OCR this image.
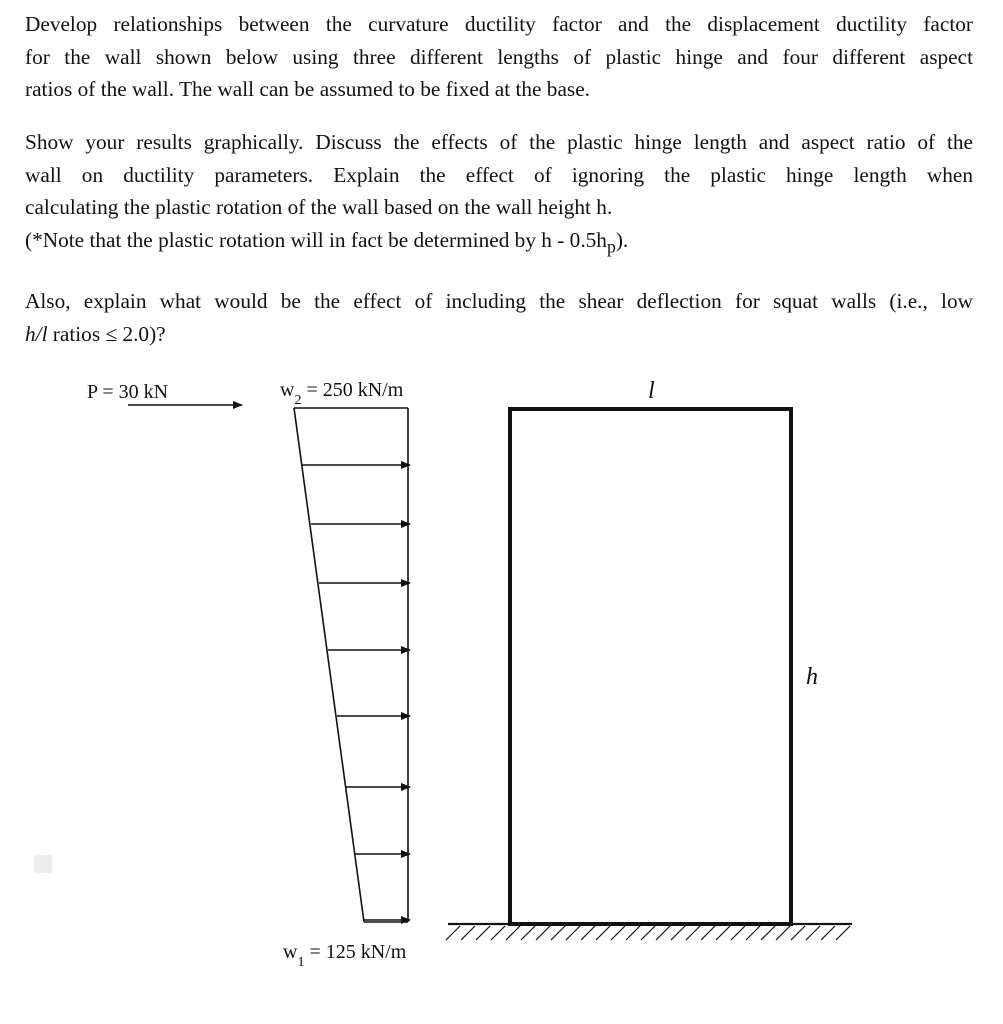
Develop relationships between the curvature ductility factor and the displacement ductility factor
for the wall shown below using three different lengths of plastic hinge and four different aspect
ratios of the wall. The wall can be assumed to be fixed at the base.

Show your results graphically. Discuss the effects of the plastic hinge length and aspect ratio of the
wall on ductility parameters. Explain the effect of ignoring the plastic hinge length when
calculating the plastic rotation of the wall based on the wall height h.
(*Note that the plastic rotation will in fact be determined by h - $0.5h_p$).

Also, explain what would be the effect of including the shear deflection for squat walls (i.e., low
h/l ratios ≤ 2.0)?

P = 30 kN	$w_2 = 250$ kN/m
$w_1 = 125$ kN/m
l
h
